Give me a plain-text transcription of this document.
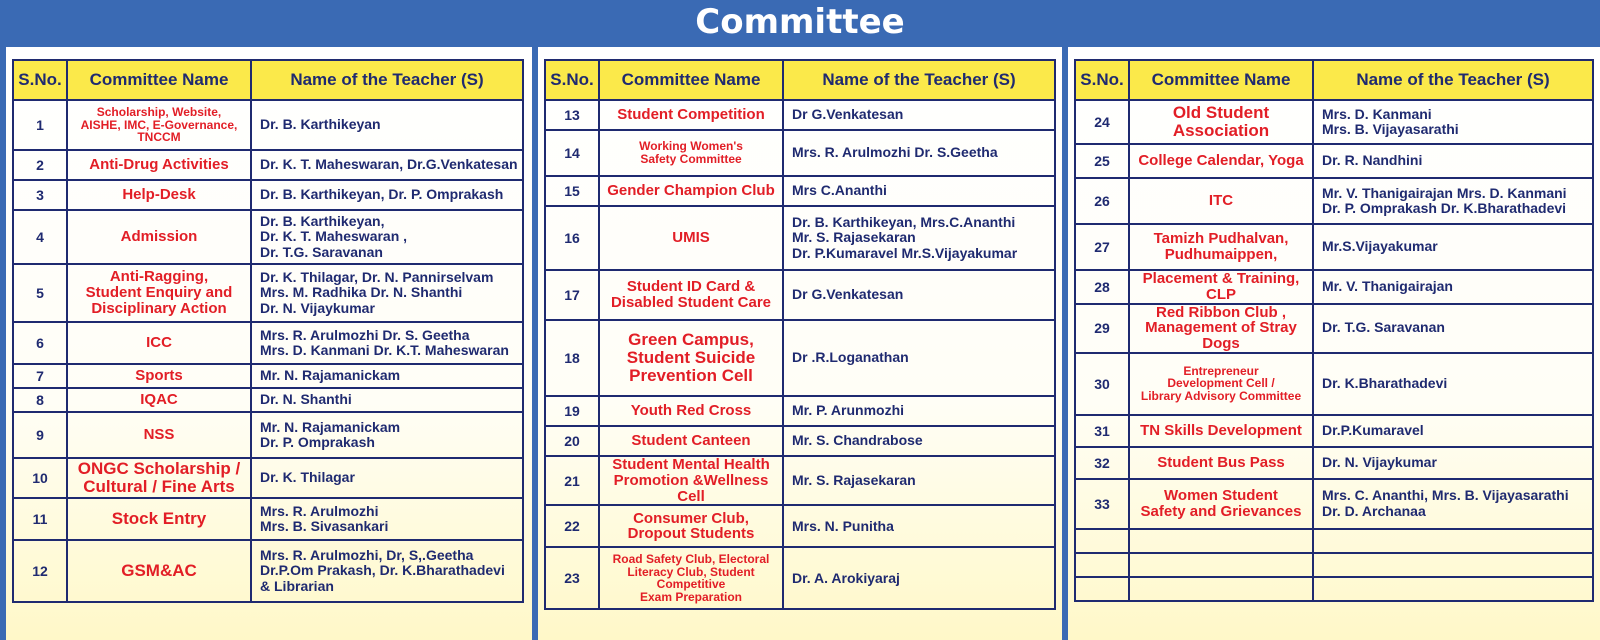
Committee
S.No.	Committee Name	Name of the Teacher (S)
1	Scholarship, Website,
AISHE, IMC, E-Governance,
TNCCM	Dr. B. Karthikeyan
2	Anti-Drug Activities	Dr. K. T. Maheswaran, Dr.G.Venkatesan
3	Help-Desk	Dr. B. Karthikeyan, Dr. P. Omprakash
4	Admission	Dr. B. Karthikeyan,
Dr. K. T. Maheswaran ,
Dr. T.G. Saravanan
5	Anti-Ragging,
Student Enquiry and
Disciplinary Action	Dr. K. Thilagar, Dr. N. Pannirselvam
Mrs. M. Radhika Dr. N. Shanthi
Dr. N. Vijaykumar
6	ICC	Mrs. R. Arulmozhi Dr. S. Geetha
Mrs. D. Kanmani Dr. K.T. Maheswaran
7	Sports	Mr. N. Rajamanickam
8	IQAC	Dr. N. Shanthi
9	NSS	Mr. N. Rajamanickam
Dr. P. Omprakash
10	ONGC Scholarship /
Cultural / Fine Arts	Dr. K. Thilagar
11	Stock Entry	Mrs. R. Arulmozhi
Mrs. B. Sivasankari
12	GSM&AC	Mrs. R. Arulmozhi, Dr, S,.Geetha
Dr.P.Om Prakash, Dr. K.Bharathadevi
& Librarian
S.No.	Committee Name	Name of the Teacher (S)
13	Student Competition	Dr G.Venkatesan
14	Working Women's
Safety Committee	Mrs. R. Arulmozhi Dr. S.Geetha
15	Gender Champion Club	Mrs C.Ananthi
16	UMIS	Dr. B. Karthikeyan, Mrs.C.Ananthi
Mr. S. Rajasekaran
Dr. P.Kumaravel Mr.S.Vijayakumar
17	Student ID Card &
Disabled Student Care	Dr G.Venkatesan
18	Green Campus,
Student Suicide
Prevention Cell	Dr .R.Loganathan
19	Youth Red Cross	Mr. P. Arunmozhi
20	Student Canteen	Mr. S. Chandrabose
21	Student Mental Health
Promotion &Wellness Cell	Mr. S. Rajasekaran
22	Consumer Club,
Dropout Students	Mrs. N. Punitha
23	Road Safety Club, Electoral
Literacy Club, Student Competitive
Exam Preparation	Dr. A. Arokiyaraj
S.No.	Committee Name	Name of the Teacher (S)
24	Old Student
Association	Mrs. D. Kanmani
Mrs. B. Vijayasarathi
25	College Calendar, Yoga	Dr. R. Nandhini
26	ITC	Mr. V. Thanigairajan Mrs. D. Kanmani
Dr. P. Omprakash Dr. K.Bharathadevi
27	Tamizh Pudhalvan,
Pudhumaippen,	Mr.S.Vijayakumar
28	Placement & Training, CLP	Mr. V. Thanigairajan
29	Red Ribbon Club ,
Management of Stray Dogs	Dr. T.G. Saravanan
30	Entrepreneur
Development Cell /
Library Advisory Committee	Dr. K.Bharathadevi
31	TN Skills Development	Dr.P.Kumaravel
32	Student Bus Pass	Dr. N. Vijaykumar
33	Women Student
Safety and Grievances	Mrs. C. Ananthi, Mrs. B. Vijayasarathi
Dr. D. Archanaa
